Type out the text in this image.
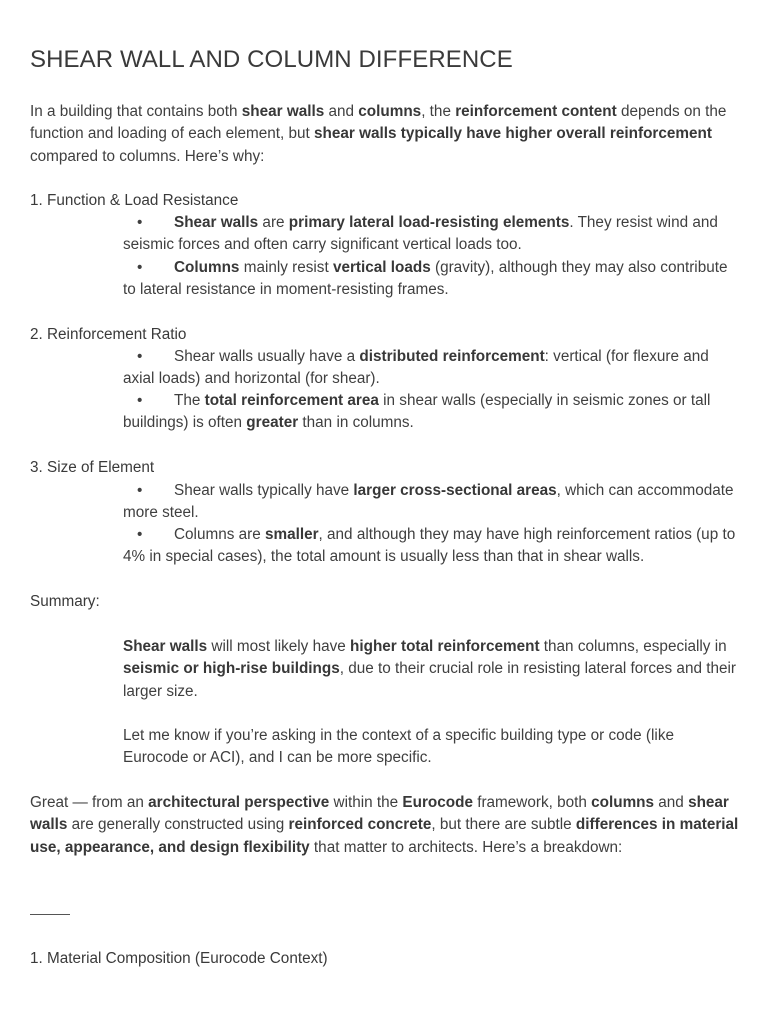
SHEAR WALL AND COLUMN DIFFERENCE

In a building that contains both shear walls and columns, the reinforcement content depends on the function and loading of each element, but shear walls typically have higher overall reinforcement compared to columns. Here’s why:

1. Function & Load Resistance

• Shear walls are primary lateral load-resisting elements. They resist wind and seismic forces and often carry significant vertical loads too.

• Columns mainly resist vertical loads (gravity), although they may also contribute to lateral resistance in moment-resisting frames.

2. Reinforcement Ratio

• Shear walls usually have a distributed reinforcement: vertical (for flexure and axial loads) and horizontal (for shear).

• The total reinforcement area in shear walls (especially in seismic zones or tall buildings) is often greater than in columns.

3. Size of Element

• Shear walls typically have larger cross-sectional areas, which can accommodate more steel.

• Columns are smaller, and although they may have high reinforcement ratios (up to 4% in special cases), the total amount is usually less than that in shear walls.

Summary:

Shear walls will most likely have higher total reinforcement than columns, especially in seismic or high-rise buildings, due to their crucial role in resisting lateral forces and their larger size.

Let me know if you’re asking in the context of a specific building type or code (like Eurocode or ACI), and I can be more specific.

Great — from an architectural perspective within the Eurocode framework, both columns and shear walls are generally constructed using reinforced concrete, but there are subtle differences in material use, appearance, and design flexibility that matter to architects. Here’s a breakdown:

1. Material Composition (Eurocode Context)
